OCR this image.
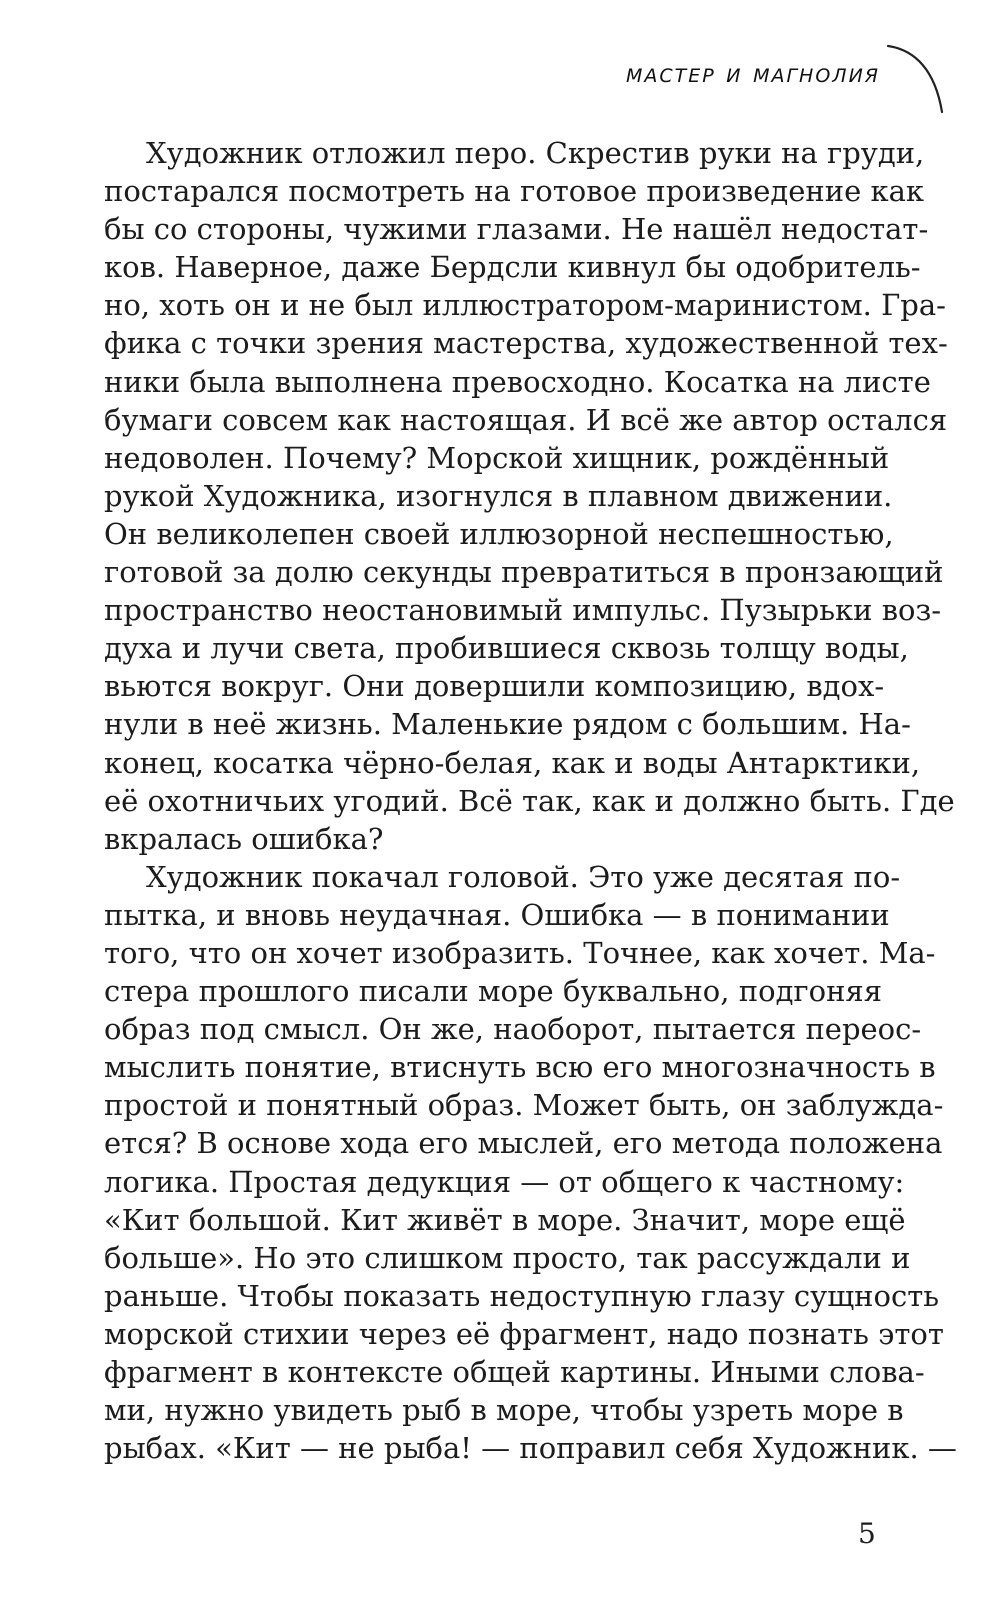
мастер и магнолия
Художник отложил перо. Скрестив руки на груди,
постарался посмотреть на готовое произведение как
бы со стороны, чужими глазами. Не нашёл недостат-
ков. Наверное, даже Бердсли кивнул бы одобритель-
но, хоть он и не был иллюстратором-маринистом. Гра-
фика с точки зрения мастерства, художественной тех-
ники была выполнена превосходно. Косатка на листе
бумаги совсем как настоящая. И всё же автор остался
недоволен. Почему? Морской хищник, рождённый
рукой Художника, изогнулся в плавном движении.
Он великолепен своей иллюзорной неспешностью,
готовой за долю секунды превратиться в пронзающий
пространство неостановимый импульс. Пузырьки воз-
духа и лучи света, пробившиеся сквозь толщу воды,
вьются вокруг. Они довершили композицию, вдох-
нули в неё жизнь. Маленькие рядом с большим. На-
конец, косатка чёрно-белая, как и воды Антарктики,
её охотничьих угодий. Всё так, как и должно быть. Где
вкралась ошибка?
Художник покачал головой. Это уже десятая по-
пытка, и вновь неудачная. Ошибка — в понимании
того, что он хочет изобразить. Точнее, как хочет. Ма-
стера прошлого писали море буквально, подгоняя
образ под смысл. Он же, наоборот, пытается переос-
мыслить понятие, втиснуть всю его многозначность в
простой и понятный образ. Может быть, он заблужда-
ется? В основе хода его мыслей, его метода положена
логика. Простая дедукция — от общего к частному:
«Кит большой. Кит живёт в море. Значит, море ещё
больше». Но это слишком просто, так рассуждали и
раньше. Чтобы показать недоступную глазу сущность
морской стихии через её фрагмент, надо познать этот
фрагмент в контексте общей картины. Иными слова-
ми, нужно увидеть рыб в море, чтобы узреть море в
рыбах. «Кит — не рыба! — поправил себя Художник. —
5
